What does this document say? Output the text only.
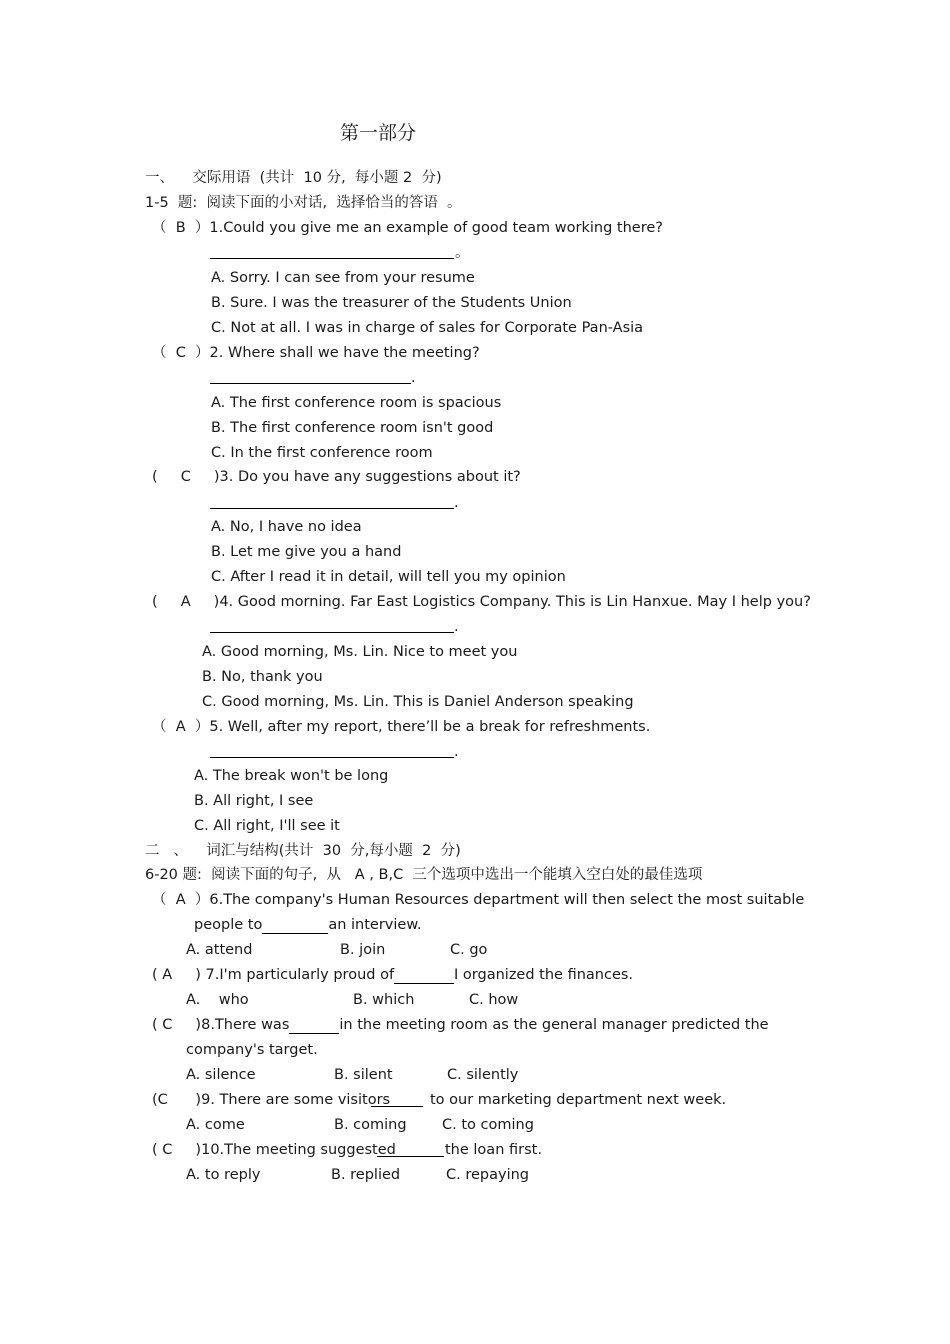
第一部分
一、    交际用语  (共计  10 分,  每小题 2  分)
1-5  题:  阅读下面的小对话,  选择恰当的答语  。
（  B  ）1.Could you give me an example of good team working there?
。
A. Sorry. I can see from your resume
B. Sure. I was the treasurer of the Students Union
C. Not at all. I was in charge of sales for Corporate Pan-Asia
（  C  ）2. Where shall we have the meeting?
.
A. The first conference room is spacious
B. The first conference room isn't good
C. In the first conference room
(     C     )3. Do you have any suggestions about it?
.
A. No, I have no idea
B. Let me give you a hand
C. After I read it in detail, will tell you my opinion
(     A     )4. Good morning. Far East Logistics Company. This is Lin Hanxue. May I help you?
.
A. Good morning, Ms. Lin. Nice to meet you
B. No, thank you
C. Good morning, Ms. Lin. This is Daniel Anderson speaking
（  A  ）5. Well, after my report, there’ll be a break for refreshments.
.
A. The break won't be long
B. All right, I see
C. All right, I'll see it
二   、    词汇与结构(共计  30  分,每小题  2  分)
6-20 题:  阅读下面的句子,  从   A , B,C  三个选项中选出一个能填入空白处的最佳选项
（  A  ）6.The company's Human Resources department will then select the most suitable
people to	an interview.
A. attend	B. join	C. go
( A     ) 7.I'm particularly proud of	I organized the finances.
A.    who	B. which	C. how
( C     )8.There was	in the meeting room as the general manager predicted the
company's target.
A. silence	B. silent	C. silently
(C      )9. There are some visitors	to our marketing department next week.
A. come	B. coming C. to coming
( C     )10.The meeting suggested	the loan first.
A. to reply	B. replied	C. repaying
